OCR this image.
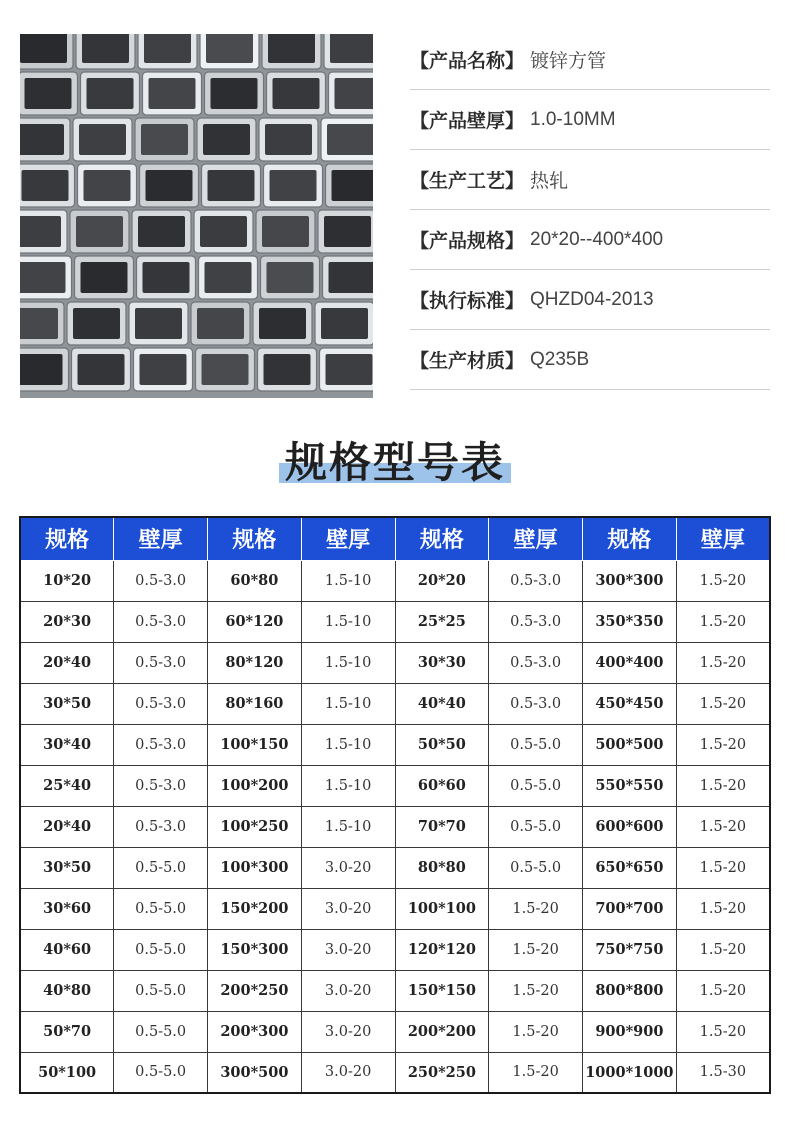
【产品名称】 镀锌方管
【产品壁厚】 1.0-10MM
【生产工艺】 热轧
【产品规格】 20*20--400*400
【执行标准】 QHZD04-2013
【生产材质】 Q235B
规格型号表
规格	壁厚	规格	壁厚	规格	壁厚	规格	壁厚
10*20	0.5-3.0	60*80	1.5-10	20*20	0.5-3.0	300*300	1.5-20
20*30	0.5-3.0	60*120	1.5-10	25*25	0.5-3.0	350*350	1.5-20
20*40	0.5-3.0	80*120	1.5-10	30*30	0.5-3.0	400*400	1.5-20
30*50	0.5-3.0	80*160	1.5-10	40*40	0.5-3.0	450*450	1.5-20
30*40	0.5-3.0	100*150	1.5-10	50*50	0.5-5.0	500*500	1.5-20
25*40	0.5-3.0	100*200	1.5-10	60*60	0.5-5.0	550*550	1.5-20
20*40	0.5-3.0	100*250	1.5-10	70*70	0.5-5.0	600*600	1.5-20
30*50	0.5-5.0	100*300	3.0-20	80*80	0.5-5.0	650*650	1.5-20
30*60	0.5-5.0	150*200	3.0-20	100*100	1.5-20	700*700	1.5-20
40*60	0.5-5.0	150*300	3.0-20	120*120	1.5-20	750*750	1.5-20
40*80	0.5-5.0	200*250	3.0-20	150*150	1.5-20	800*800	1.5-20
50*70	0.5-5.0	200*300	3.0-20	200*200	1.5-20	900*900	1.5-20
50*100	0.5-5.0	300*500	3.0-20	250*250	1.5-20	1000*1000	1.5-30
